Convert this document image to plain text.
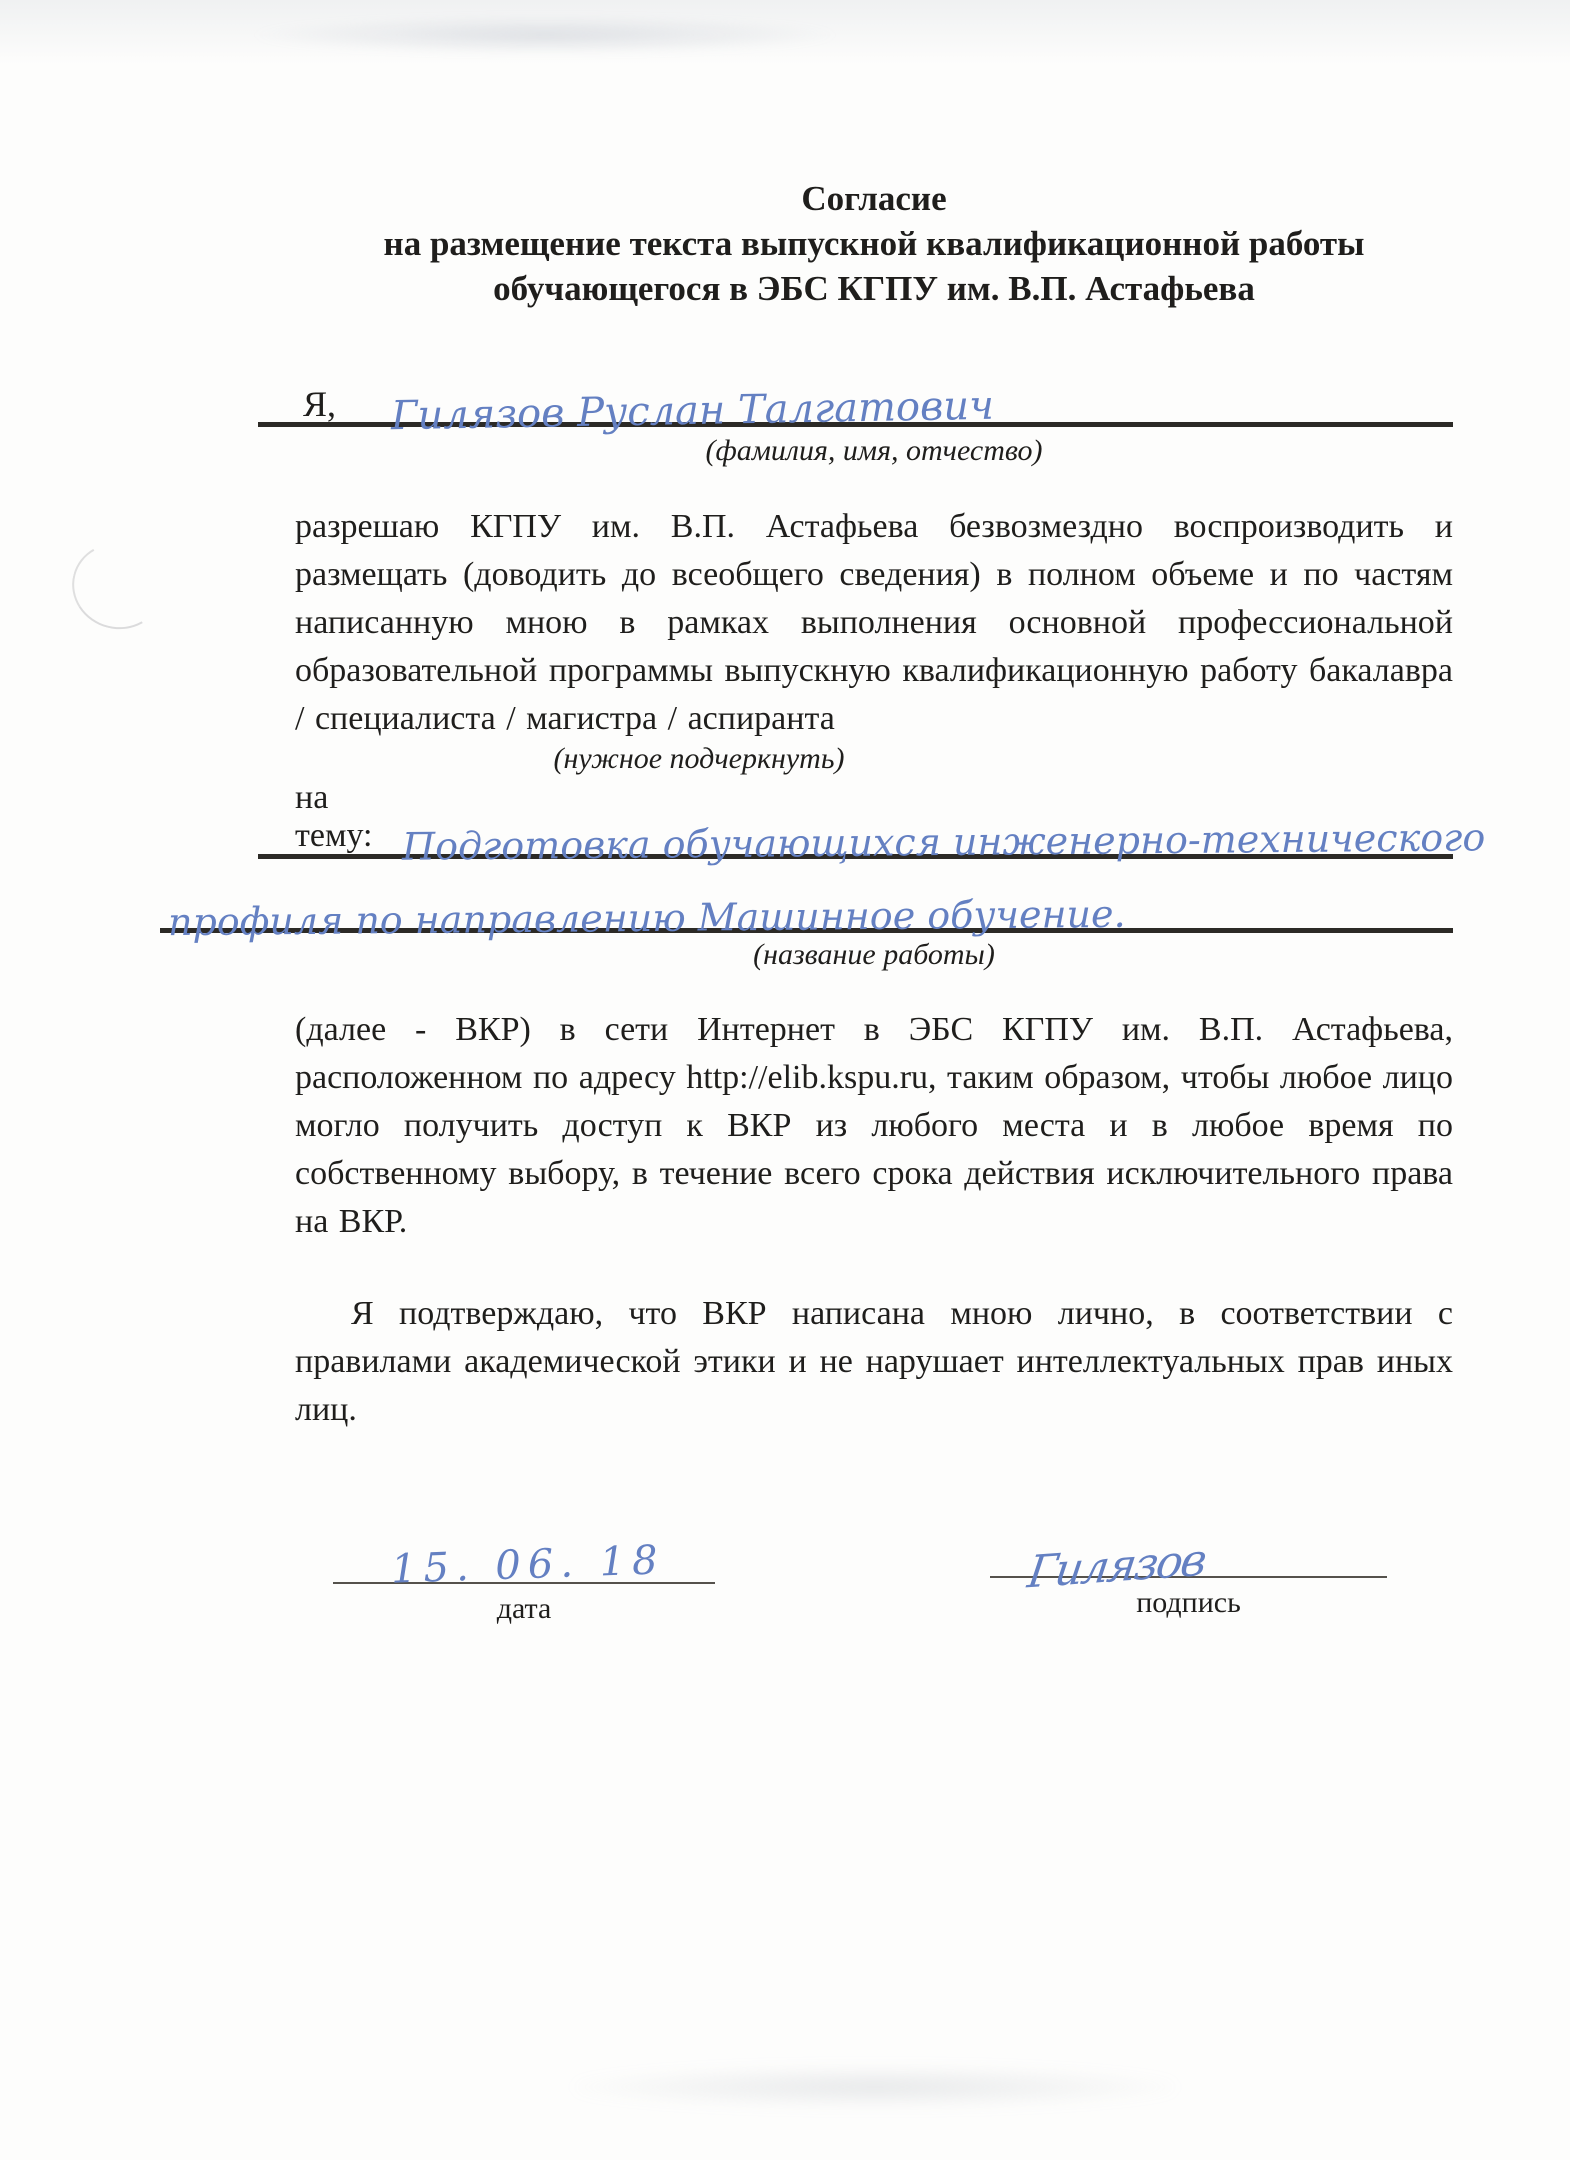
Согласие
на размещение текста выпускной квалификационной работы
обучающегося в ЭБС КГПУ им. В.П. Астафьева
Я, Гилязов Руслан Талгатович
(фамилия, имя, отчество)
разрешаю КГПУ им. В.П. Астафьева безвозмездно воспроизводить и размещать (доводить до всеобщего сведения) в полном объеме и по частям написанную мною в рамках выполнения основной профессиональной образовательной программы выпускную квалификационную работу бакалавра / специалиста / магистра / аспиранта
(нужное подчеркнуть)
на тему: Подготовка обучающихся инженерно-технического
профиля по направлению Машинное обучение.
(название работы)
(далее - ВКР) в сети Интернет в ЭБС КГПУ им. В.П. Астафьева, расположенном по адресу http://elib.kspu.ru, таким образом, чтобы любое лицо могло получить доступ к ВКР из любого места и в любое время по собственному выбору, в течение всего срока действия исключительного права на ВКР.
Я подтверждаю, что ВКР написана мною лично, в соответствии с правилами академической этики и не нарушает интеллектуальных прав иных лиц.
15. 06. 18
дата
Гилязов
подпись
